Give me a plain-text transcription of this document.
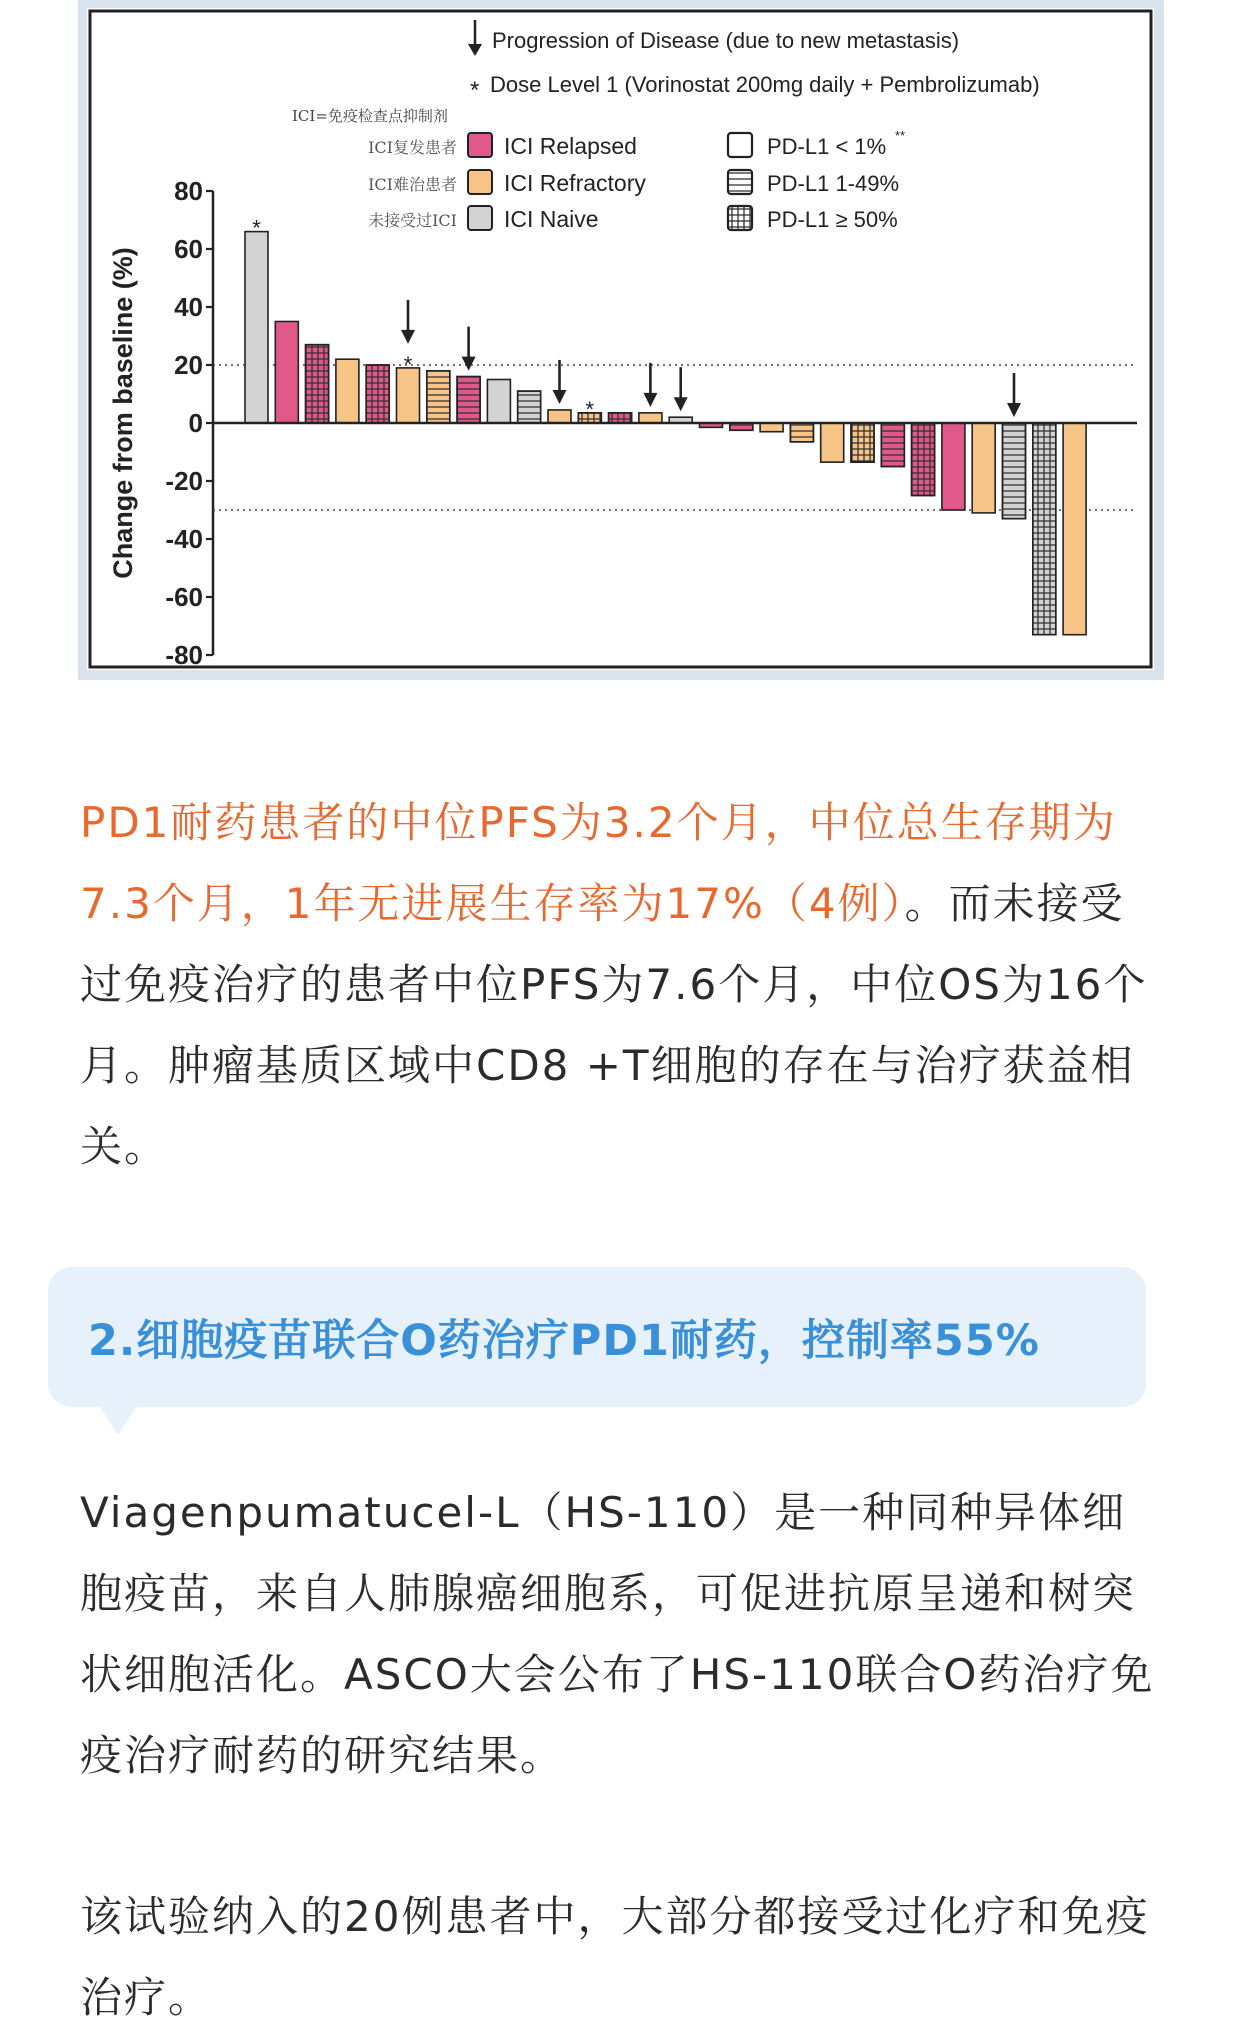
Progression of Disease (due to new metastasis)
* Dose Level 1 (Vorinostat 200mg daily + Pembrolizumab)
ICI=免疫检查点抑制剂
ICI复发患者 ICI Relapsed
ICI难治患者 ICI Refractory
未接受过ICI ICI Naive
PD-L1 < 1% **
PD-L1 1-49%
PD-L1 ≥ 50%
Change from baseline (%)
80
60
40
20
0
-20
-40
-60
-80
*
*
*

PD1耐药患者的中位PFS为3.2个月，中位总生存期为7.3个月，1年无进展生存率为17%（4例）。而未接受过免疫治疗的患者中位PFS为7.6个月，中位OS为16个月。肿瘤基质区域中CD8 +T细胞的存在与治疗获益相关。

2.细胞疫苗联合O药治疗PD1耐药，控制率55%

Viagenpumatucel-L（HS-110）是一种同种异体细胞疫苗，来自人肺腺癌细胞系，可促进抗原呈递和树突状细胞活化。ASCO大会公布了HS-110联合O药治疗免疫治疗耐药的研究结果。

该试验纳入的20例患者中，大部分都接受过化疗和免疫治疗。
